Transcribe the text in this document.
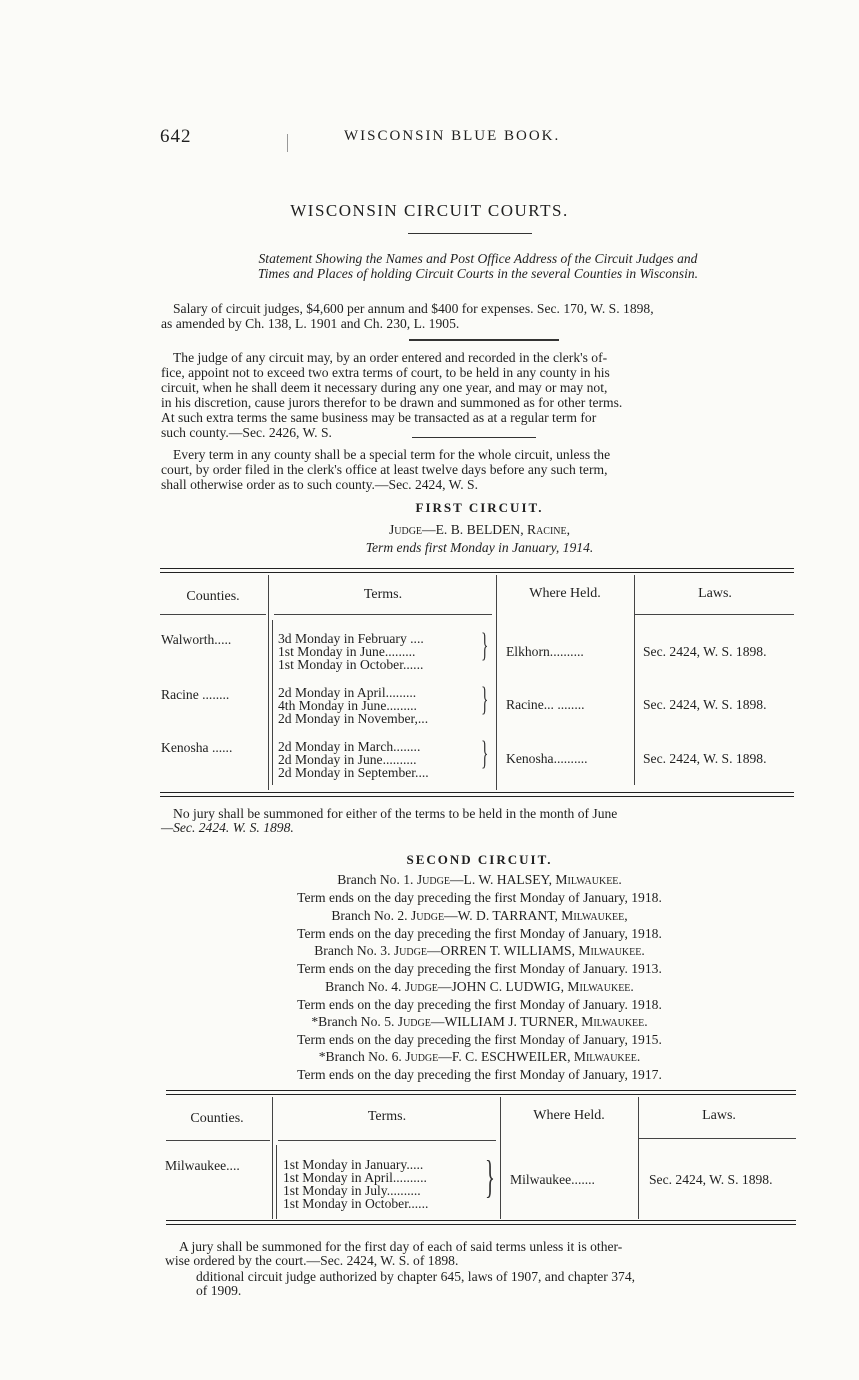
642	WISCONSIN BLUE BOOK.
WISCONSIN CIRCUIT COURTS.
Statement Showing the Names and Post Office Address of the Circuit Judges and
Times and Places of holding Circuit Courts in the several Counties in Wisconsin.
Salary of circuit judges, $4,600 per annum and $400 for expenses. Sec. 170, W. S. 1898,
as amended by Ch. 138, L. 1901 and Ch. 230, L. 1905.
The judge of any circuit may, by an order entered and recorded in the clerk's of-
fice, appoint not to exceed two extra terms of court, to be held in any county in his
circuit, when he shall deem it necessary during any one year, and may or may not,
in his discretion, cause jurors therefor to be drawn and summoned as for other terms.
At such extra terms the same business may be transacted as at a regular term for
such county.—Sec. 2426, W. S.
Every term in any county shall be a special term for the whole circuit, unless the
court, by order filed in the clerk's office at least twelve days before any such term,
shall otherwise order as to such county.—Sec. 2424, W. S.
FIRST CIRCUIT.
Judge—E. B. BELDEN, Racine,
Term ends first Monday in January, 1914.
Counties.	Terms.	Where Held.	Laws.
Walworth.....	3d Monday in February ....
1st Monday in June.........
1st Monday in October......
} Elkhorn..........	Sec. 2424, W. S. 1898.
Racine ........	2d Monday in April.........
4th Monday in June.........
2d Monday in November,...
} Racine... ........	Sec. 2424, W. S. 1898.
Kenosha ......	2d Monday in March........
2d Monday in June..........
2d Monday in September....
} Kenosha..........	Sec. 2424, W. S. 1898.
No jury shall be summoned for either of the terms to be held in the month of June
—Sec. 2424. W. S. 1898.
SECOND CIRCUIT.
Branch No. 1. Judge—L. W. HALSEY, Milwaukee.
Term ends on the day preceding the first Monday of January, 1918.
Branch No. 2. Judge—W. D. TARRANT, Milwaukee,
Term ends on the day preceding the first Monday of January, 1918.
Branch No. 3. Judge—ORREN T. WILLIAMS, Milwaukee.
Term ends on the day preceding the first Monday of January. 1913.
Branch No. 4. Judge—JOHN C. LUDWIG, Milwaukee.
Term ends on the day preceding the first Monday of January. 1918.
*Branch No. 5. Judge—WILLIAM J. TURNER, Milwaukee.
Term ends on the day preceding the first Monday of January, 1915.
*Branch No. 6. Judge—F. C. ESCHWEILER, Milwaukee.
Term ends on the day preceding the first Monday of January, 1917.
Counties.	Terms.	Where Held.	Laws.
Milwaukee....	1st Monday in January.....
1st Monday in April..........
1st Monday in July..........
1st Monday in October......
} Milwaukee.......	Sec. 2424, W. S. 1898.
A jury shall be summoned for the first day of each of said terms unless it is other-
wise ordered by the court.—Sec. 2424, W. S. of 1898.
dditional circuit judge authorized by chapter 645, laws of 1907, and chapter 374,
of 1909.
